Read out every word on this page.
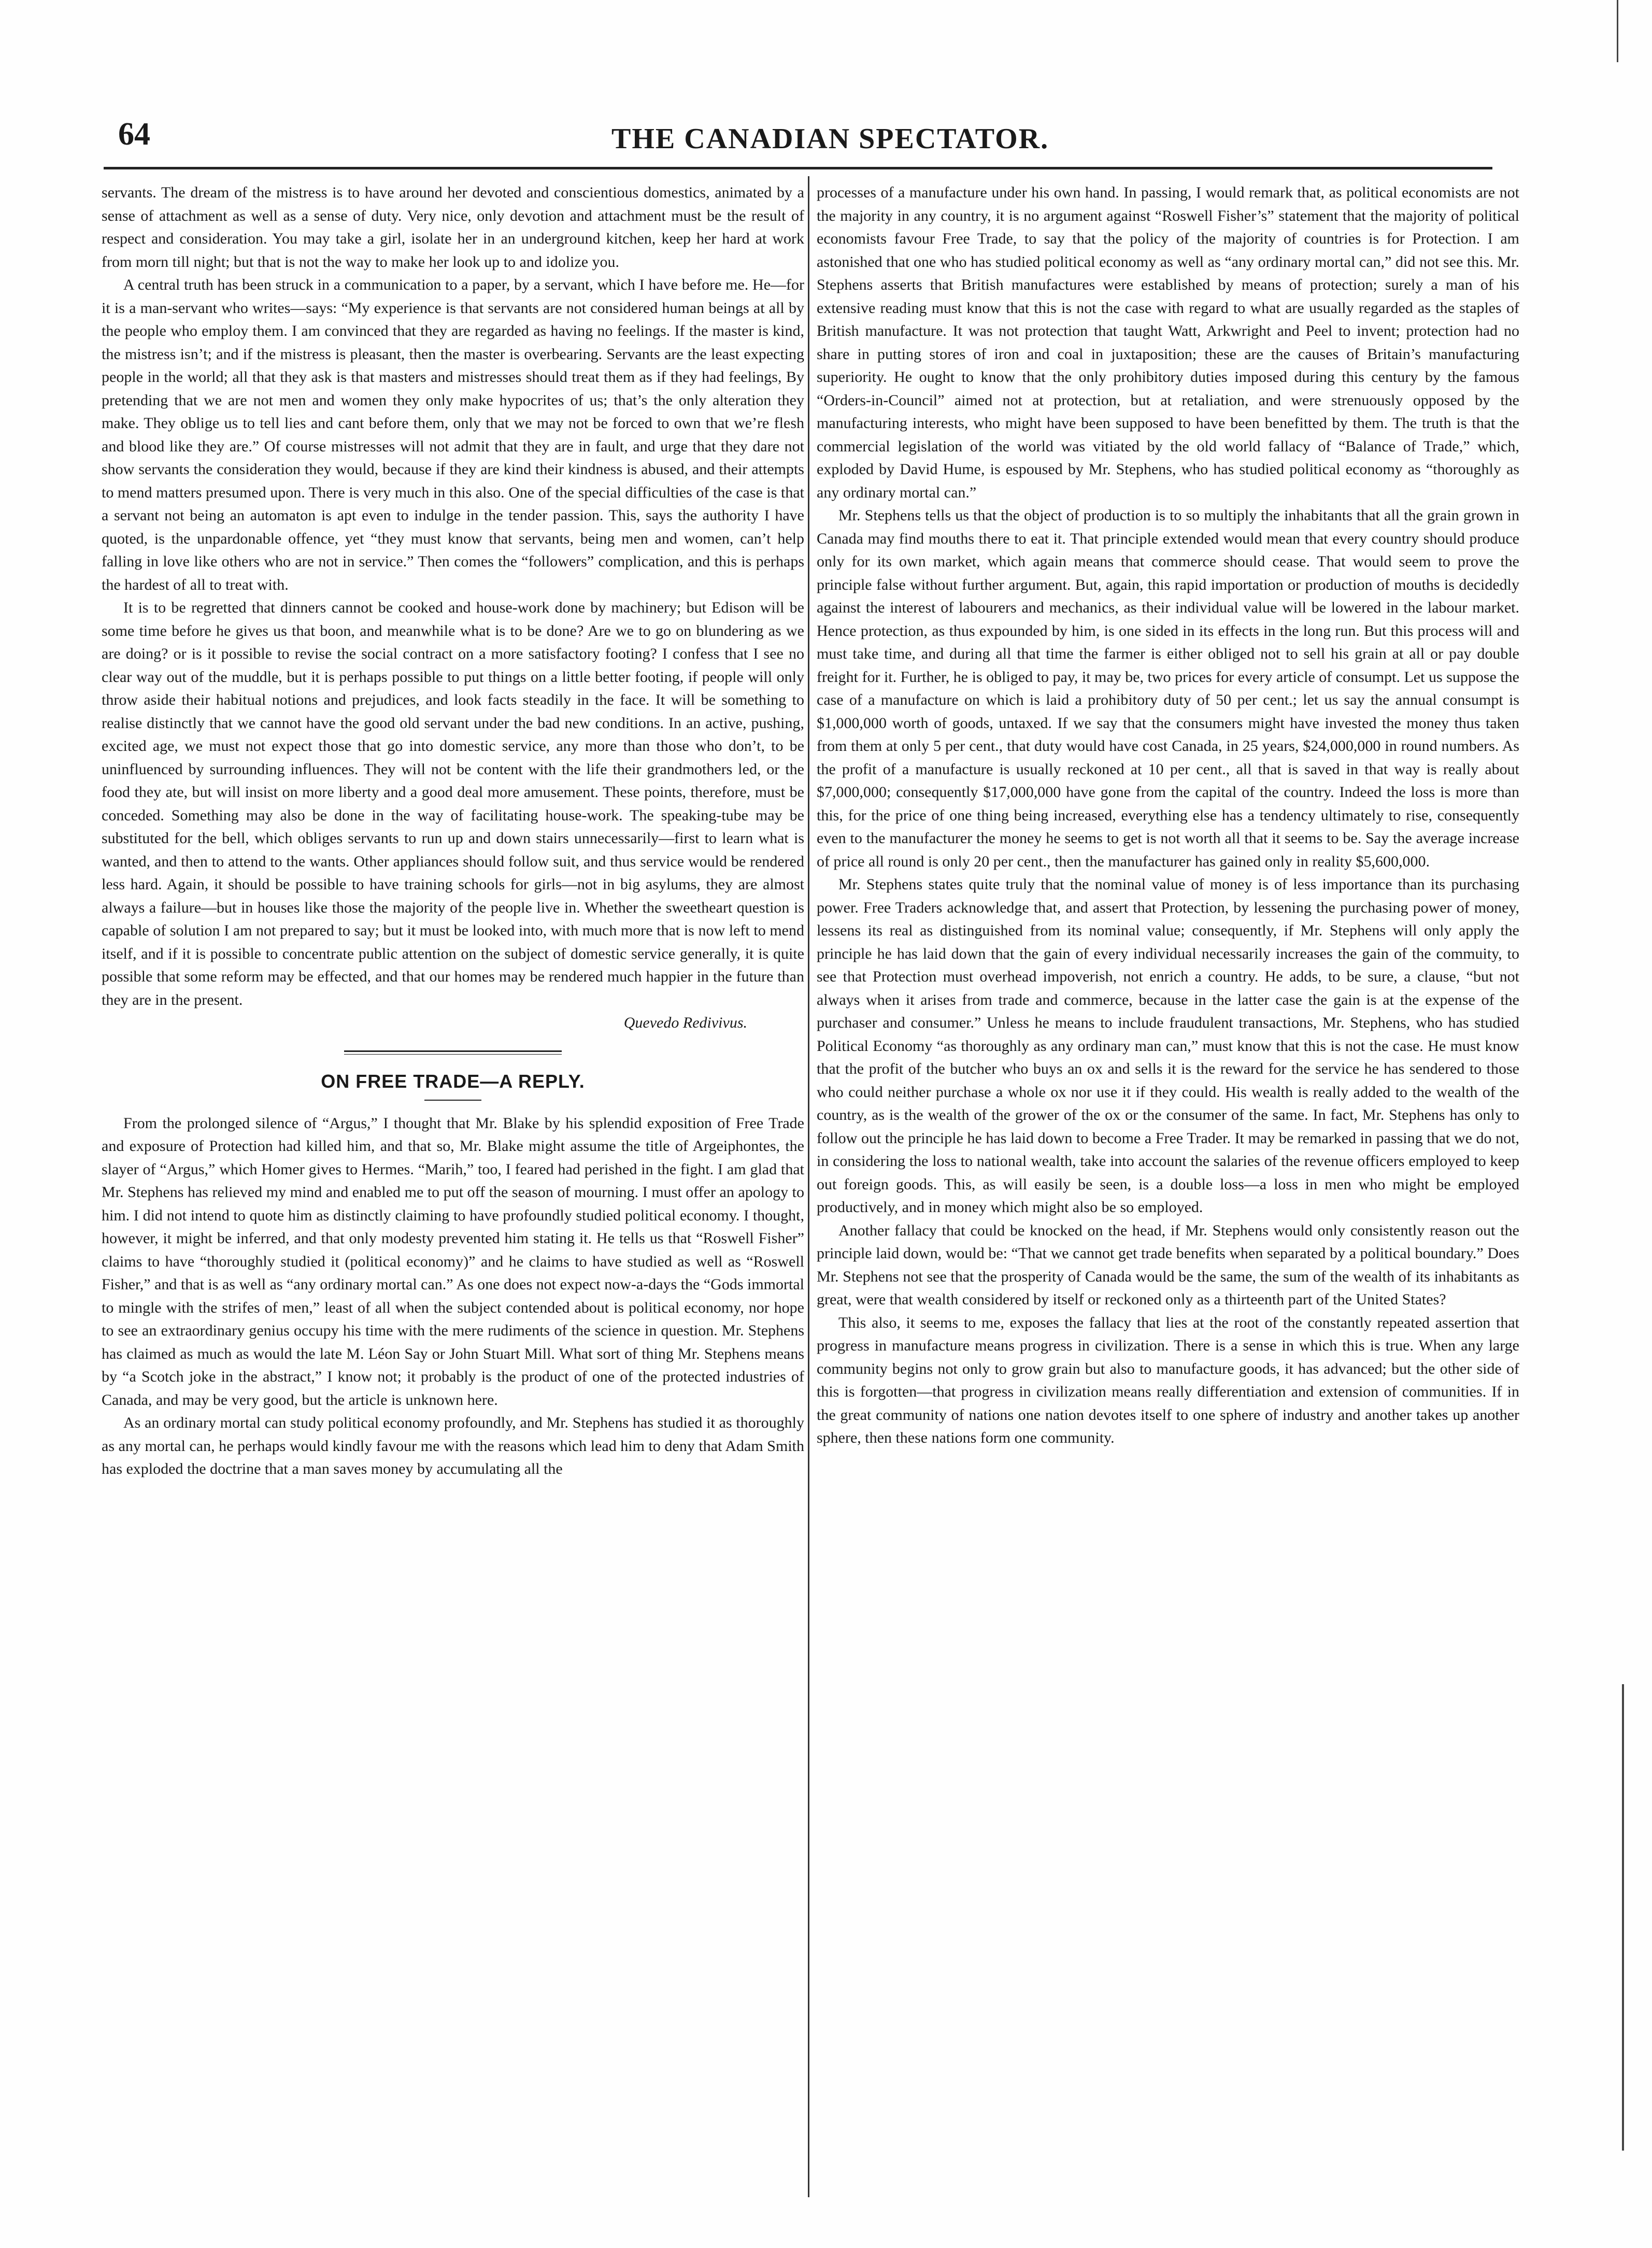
64	THE CANADIAN SPECTATOR.

servants. The dream of the mistress is to have around her devoted and conscientious domestics, animated by a sense of attachment as well as a sense of duty. Very nice, only devotion and attachment must be the result of respect and consideration. You may take a girl, isolate her in an underground kitchen, keep her hard at work from morn till night; but that is not the way to make her look up to and idolize you.

A central truth has been struck in a communication to a paper, by a servant, which I have before me. He—for it is a man-servant who writes—says: “My experience is that servants are not considered human beings at all by the people who employ them. I am convinced that they are regarded as having no feelings. If the master is kind, the mistress isn’t; and if the mistress is pleasant, then the master is overbearing. Servants are the least expecting people in the world; all that they ask is that masters and mistresses should treat them as if they had feelings, By pretending that we are not men and women they only make hypocrites of us; that’s the only alteration they make. They oblige us to tell lies and cant before them, only that we may not be forced to own that we’re flesh and blood like they are.” Of course mistresses will not admit that they are in fault, and urge that they dare not show servants the consideration they would, because if they are kind their kindness is abused, and their attempts to mend matters presumed upon. There is very much in this also. One of the special difficulties of the case is that a servant not being an automaton is apt even to indulge in the tender passion. This, says the authority I have quoted, is the unpardonable offence, yet “they must know that servants, being men and women, can’t help falling in love like others who are not in service.” Then comes the “followers” complication, and this is perhaps the hardest of all to treat with.

It is to be regretted that dinners cannot be cooked and house-work done by machinery; but Edison will be some time before he gives us that boon, and meanwhile what is to be done? Are we to go on blundering as we are doing? or is it possible to revise the social contract on a more satisfactory footing? I confess that I see no clear way out of the muddle, but it is perhaps possible to put things on a little better footing, if people will only throw aside their habitual notions and prejudices, and look facts steadily in the face. It will be something to realise distinctly that we cannot have the good old servant under the bad new conditions. In an active, pushing, excited age, we must not expect those that go into domestic service, any more than those who don’t, to be uninfluenced by surrounding influences. They will not be content with the life their grandmothers led, or the food they ate, but will insist on more liberty and a good deal more amusement. These points, therefore, must be conceded. Something may also be done in the way of facilitating house-work. The speaking-tube may be substituted for the bell, which obliges servants to run up and down stairs unnecessarily—first to learn what is wanted, and then to attend to the wants. Other appliances should follow suit, and thus service would be rendered less hard. Again, it should be possible to have training schools for girls—not in big asylums, they are almost always a failure—but in houses like those the majority of the people live in. Whether the sweetheart question is capable of solution I am not prepared to say; but it must be looked into, with much more that is now left to mend itself, and if it is possible to concentrate public attention on the subject of domestic service generally, it is quite possible that some reform may be effected, and that our homes may be rendered much happier in the future than they are in the present.

Quevedo Redivivus.

ON FREE TRADE—A REPLY.

From the prolonged silence of “Argus,” I thought that Mr. Blake by his splendid exposition of Free Trade and exposure of Protection had killed him, and that so, Mr. Blake might assume the title of Argeiphontes, the slayer of “Argus,” which Homer gives to Hermes. “Marih,” too, I feared had perished in the fight. I am glad that Mr. Stephens has relieved my mind and enabled me to put off the season of mourning. I must offer an apology to him. I did not intend to quote him as distinctly claiming to have profoundly studied political economy. I thought, however, it might be inferred, and that only modesty prevented him stating it. He tells us that “Roswell Fisher” claims to have “thoroughly studied it (political economy)” and he claims to have studied as well as “Roswell Fisher,” and that is as well as “any ordinary mortal can.” As one does not expect now-a-days the “Gods immortal to mingle with the strifes of men,” least of all when the subject contended about is political economy, nor hope to see an extraordinary genius occupy his time with the mere rudiments of the science in question. Mr. Stephens has claimed as much as would the late M. Léon Say or John Stuart Mill. What sort of thing Mr. Stephens means by “a Scotch joke in the abstract,” I know not; it probably is the product of one of the protected industries of Canada, and may be very good, but the article is unknown here.

As an ordinary mortal can study political economy profoundly, and Mr. Stephens has studied it as thoroughly as any mortal can, he perhaps would kindly favour me with the reasons which lead him to deny that Adam Smith has exploded the doctrine that a man saves money by accumulating all the

processes of a manufacture under his own hand. In passing, I would remark that, as political economists are not the majority in any country, it is no argument against “Roswell Fisher’s” statement that the majority of political economists favour Free Trade, to say that the policy of the majority of countries is for Protection. I am astonished that one who has studied political economy as well as “any ordinary mortal can,” did not see this. Mr. Stephens asserts that British manufactures were established by means of protection; surely a man of his extensive reading must know that this is not the case with regard to what are usually regarded as the staples of British manufacture. It was not protection that taught Watt, Arkwright and Peel to invent; protection had no share in putting stores of iron and coal in juxtaposition; these are the causes of Britain’s manufacturing superiority. He ought to know that the only prohibitory duties imposed during this century by the famous “Orders-in-Council” aimed not at protection, but at retaliation, and were strenuously opposed by the manufacturing interests, who might have been supposed to have been benefitted by them. The truth is that the commercial legislation of the world was vitiated by the old world fallacy of “Balance of Trade,” which, exploded by David Hume, is espoused by Mr. Stephens, who has studied political economy as “thoroughly as any ordinary mortal can.”

Mr. Stephens tells us that the object of production is to so multiply the inhabitants that all the grain grown in Canada may find mouths there to eat it. That principle extended would mean that every country should produce only for its own market, which again means that commerce should cease. That would seem to prove the principle false without further argument. But, again, this rapid importation or production of mouths is decidedly against the interest of labourers and mechanics, as their individual value will be lowered in the labour market. Hence protection, as thus expounded by him, is one sided in its effects in the long run. But this process will and must take time, and during all that time the farmer is either obliged not to sell his grain at all or pay double freight for it. Further, he is obliged to pay, it may be, two prices for every article of consumpt. Let us suppose the case of a manufacture on which is laid a prohibitory duty of 50 per cent.; let us say the annual consumpt is $1,000,000 worth of goods, untaxed. If we say that the consumers might have invested the money thus taken from them at only 5 per cent., that duty would have cost Canada, in 25 years, $24,000,000 in round numbers. As the profit of a manufacture is usually reckoned at 10 per cent., all that is saved in that way is really about $7,000,000; consequently $17,000,000 have gone from the capital of the country. Indeed the loss is more than this, for the price of one thing being increased, everything else has a tendency ultimately to rise, consequently even to the manufacturer the money he seems to get is not worth all that it seems to be. Say the average increase of price all round is only 20 per cent., then the manufacturer has gained only in reality $5,600,000.

Mr. Stephens states quite truly that the nominal value of money is of less importance than its purchasing power. Free Traders acknowledge that, and assert that Protection, by lessening the purchasing power of money, lessens its real as distinguished from its nominal value; consequently, if Mr. Stephens will only apply the principle he has laid down that the gain of every individual necessarily increases the gain of the commuity, to see that Protection must overhead impoverish, not enrich a country. He adds, to be sure, a clause, “but not always when it arises from trade and commerce, because in the latter case the gain is at the expense of the purchaser and consumer.” Unless he means to include fraudulent transactions, Mr. Stephens, who has studied Political Economy “as thoroughly as any ordinary man can,” must know that this is not the case. He must know that the profit of the butcher who buys an ox and sells it is the reward for the service he has sendered to those who could neither purchase a whole ox nor use it if they could. His wealth is really added to the wealth of the country, as is the wealth of the grower of the ox or the consumer of the same. In fact, Mr. Stephens has only to follow out the principle he has laid down to become a Free Trader. It may be remarked in passing that we do not, in considering the loss to national wealth, take into account the salaries of the revenue officers employed to keep out foreign goods. This, as will easily be seen, is a double loss—a loss in men who might be employed productively, and in money which might also be so employed.

Another fallacy that could be knocked on the head, if Mr. Stephens would only consistently reason out the principle laid down, would be: “That we cannot get trade benefits when separated by a political boundary.” Does Mr. Stephens not see that the prosperity of Canada would be the same, the sum of the wealth of its inhabitants as great, were that wealth considered by itself or reckoned only as a thirteenth part of the United States?

This also, it seems to me, exposes the fallacy that lies at the root of the constantly repeated assertion that progress in manufacture means progress in civilization. There is a sense in which this is true. When any large community begins not only to grow grain but also to manufacture goods, it has advanced; but the other side of this is forgotten—that progress in civilization means really differentiation and extension of communities. If in the great community of nations one nation devotes itself to one sphere of industry and another takes up another sphere, then these nations form one community.
